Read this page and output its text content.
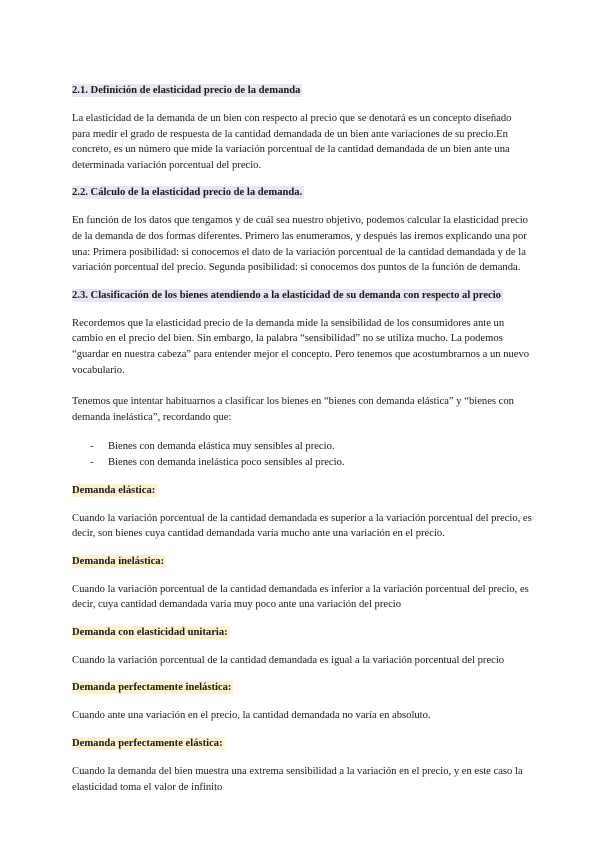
2.1. Definición de elasticidad precio de la demanda

La elasticidad de la demanda de un bien con respecto al precio que se denotará es un concepto diseñado para medir el grado de respuesta de la cantidad demandada de un bien ante variaciones de su precio.En concreto, es un número que mide la variación porcentual de la cantidad demandada de un bien ante una determinada variación porcentual del precio.

2.2. Cálculo de la elasticidad precio de la demanda.

En función de los datos que tengamos y de cuál sea nuestro objetivo, podemos calcular la elasticidad precio de la demanda de dos formas diferentes. Primero las enumeramos, y después las iremos explicando una por una: Primera posibilidad: si conocemos el dato de la variación porcentual de la cantidad demandada y de la variación porcentual del precio. Segunda posibilidad: si conocemos dos puntos de la función de demanda.

2.3. Clasificación de los bienes atendiendo a la elasticidad de su demanda con respecto al precio

Recordemos que la elasticidad precio de la demanda mide la sensibilidad de los consumidores ante un cambio en el precio del bien. Sin embargo, la palabra “sensibilidad” no se utiliza mucho. La podemos “guardar en nuestra cabeza” para entender mejor el concepto. Pero tenemos que acostumbrarnos a un nuevo vocabulario.

Tenemos que intentar habituarnos a clasificar los bienes en “bienes con demanda elástica” y “bienes con demanda inelástica”, recordando que:

- Bienes con demanda elástica muy sensibles al precio.
- Bienes con demanda inelástica poco sensibles al precio.
Demanda elástica:

Cuando la variación porcentual de la cantidad demandada es superior a la variación porcentual del precio, es decir, son bienes cuya cantidad demandada varía mucho ante una variación en el precio.

Demanda inelástica:

Cuando la variación porcentual de la cantidad demandada es inferior a la variación porcentual del precio, es decir, cuya cantidad demandada varía muy poco ante una variación del precio

Demanda con elasticidad unitaria:

Cuando la variación porcentual de la cantidad demandada es igual a la variación porcentual del precio

Demanda perfectamente inelástica:

Cuando ante una variación en el precio, la cantidad demandada no varía en absoluto.

Demanda perfectamente elástica:

Cuando la demanda del bien muestra una extrema sensibilidad a la variación en el precio, y en este caso la elasticidad toma el valor de infinito
